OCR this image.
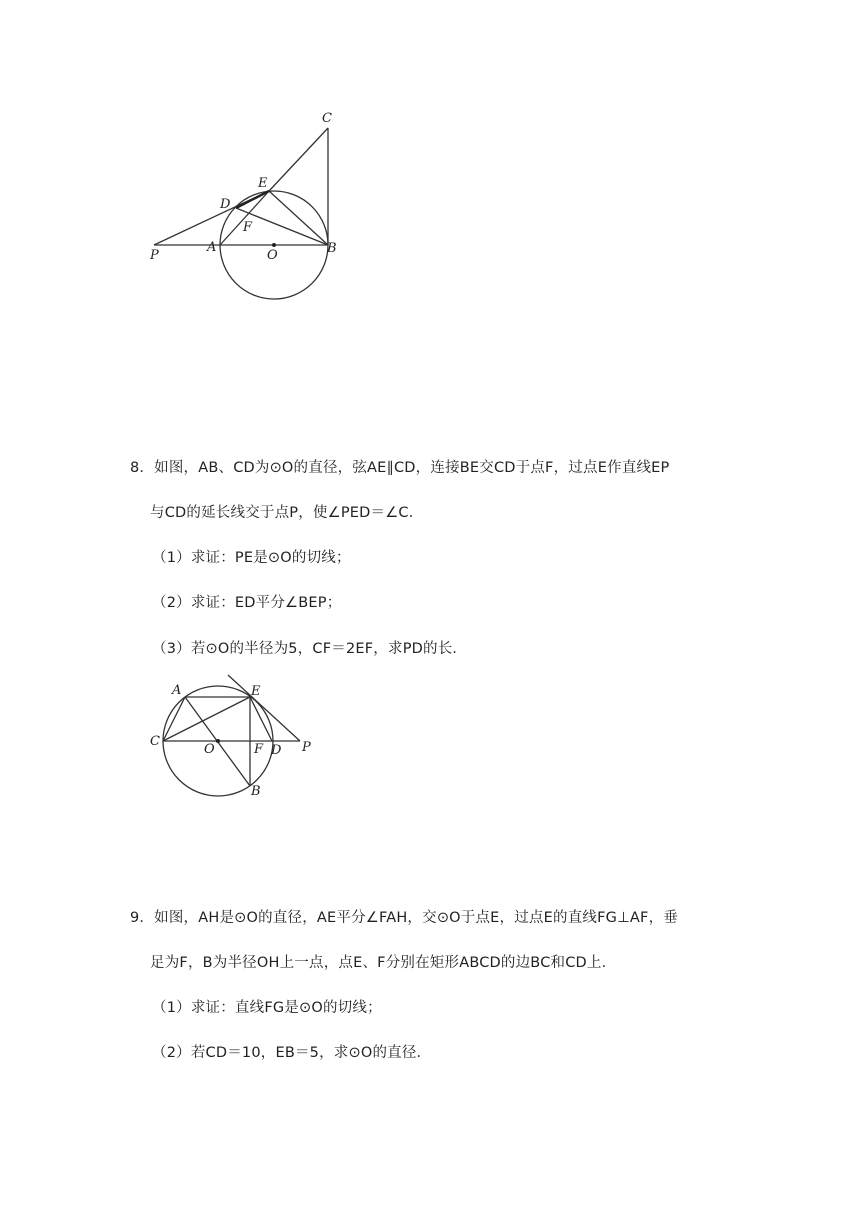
C
E
D
F
P
A
O	B
8．如图，AB、CD为⊙O的直径，弦AE∥CD，连接BE交CD于点F，过点E作直线EP
与CD的延长线交于点P，使∠PED＝∠C．
（1）求证：PE是⊙O的切线；
（2）求证：ED平分∠BEP；
（3）若⊙O的半径为5，CF＝2EF，求PD的长．
A	E
C
O	F D P
B
9．如图，AH是⊙O的直径，AE平分∠FAH，交⊙O于点E，过点E的直线FG⊥AF，垂
足为F，B为半径OH上一点，点E、F分别在矩形ABCD的边BC和CD上．
（1）求证：直线FG是⊙O的切线；
（2）若CD＝10，EB＝5，求⊙O的直径．
